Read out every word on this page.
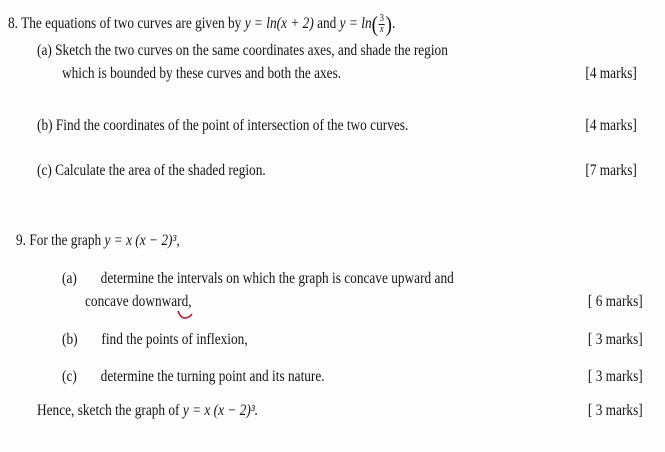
8. The equations of two curves are given by y = ln(x + 2) and $y = \ln( \frac{3}{x}$ ).
(a) Sketch the two curves on the same coordinates axes, and shade the region
which is bounded by these curves and both the axes.	[4 marks]
(b) Find the coordinates of the point of intersection of the two curves.	[4 marks]
(c) Calculate the area of the shaded region.	[7 marks]
9. For the graph y = x (x − 2)³,
(a) determine the intervals on which the graph is concave upward and
concave downward,	[ 6 marks]
(b) find the points of inflexion,	[ 3 marks]
(c) determine the turning point and its nature.	[ 3 marks]
Hence, sketch the graph of y = x (x − 2)³.	[ 3 marks]
